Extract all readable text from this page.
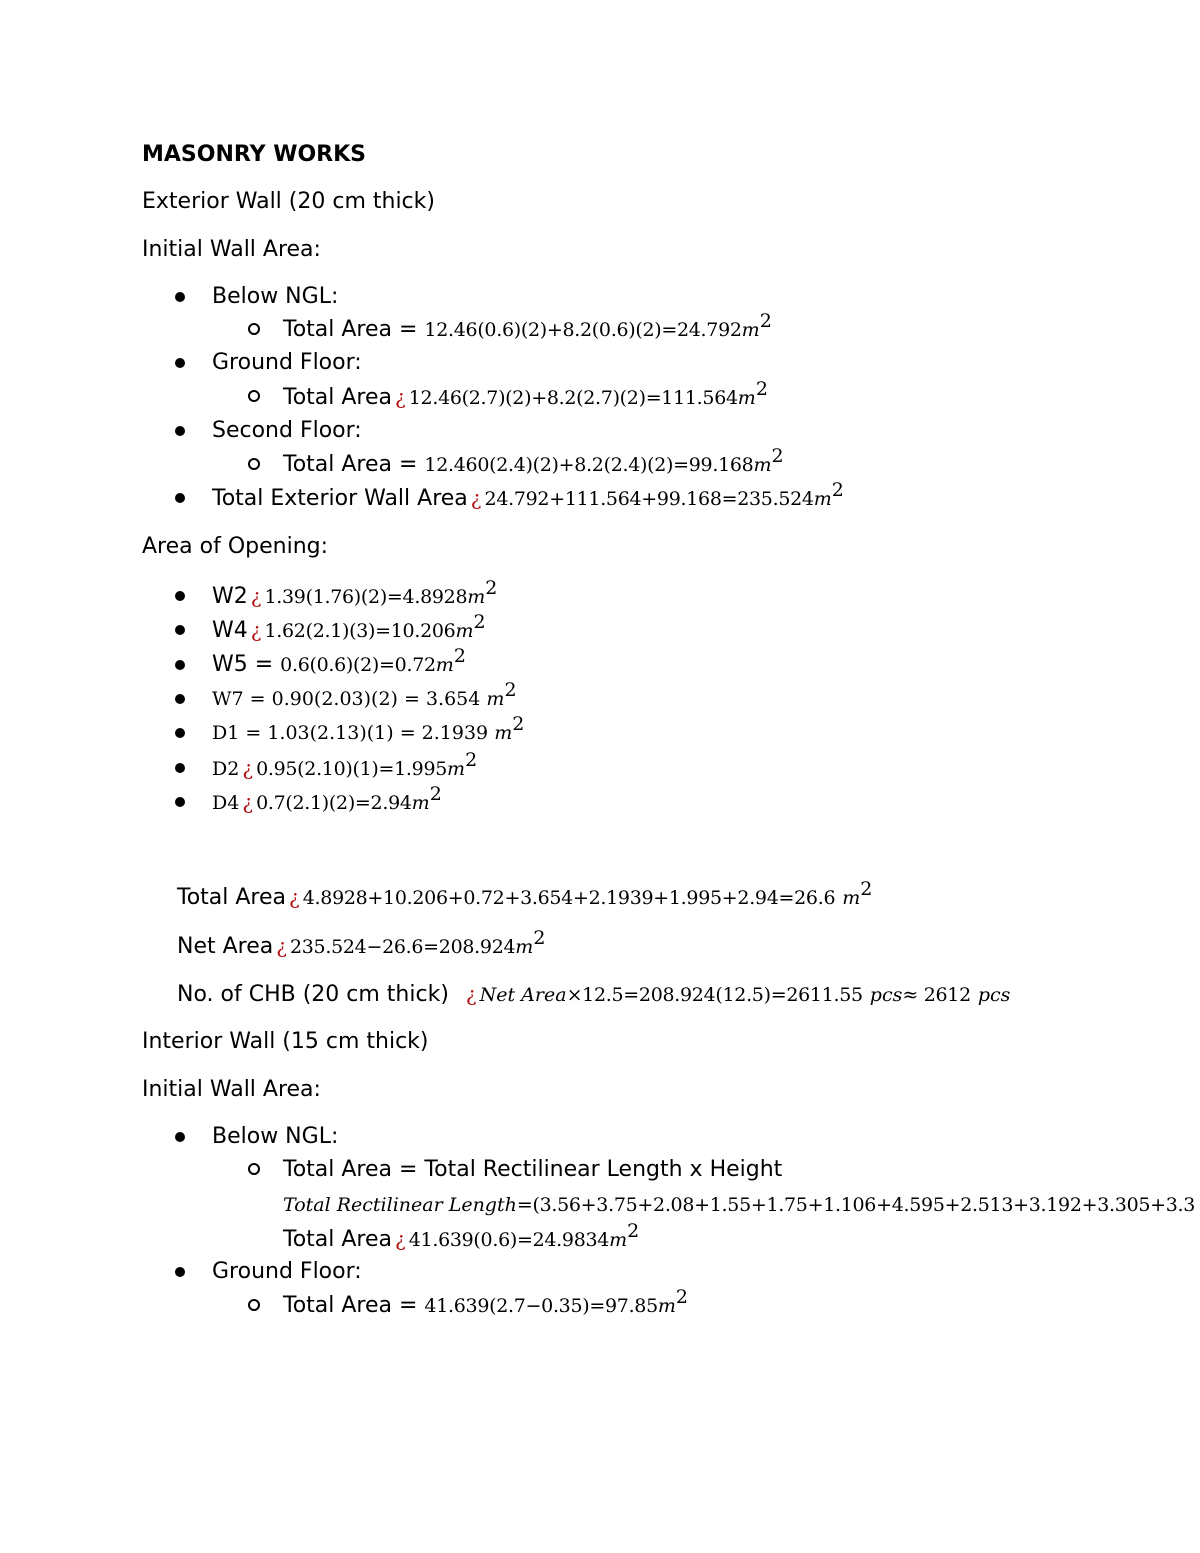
MASONRY WORKS
Exterior Wall (20 cm thick)
Initial Wall Area:
Below NGL:
Total Area = $12.46(0.6)(2)+8.2(0.6)(2)=24.792m^2$
Ground Floor:
Total Area ¿ $12.46(2.7)(2)+8.2(2.7)(2)=111.564m^2$
Second Floor:
Total Area = $12.460(2.4)(2)+8.2(2.4)(2)=99.168m^2$
Total Exterior Wall Area ¿ $24.792+111.564+99.168=235.524m^2$
Area of Opening:
W2 ¿ $1.39(1.76)(2)=4.8928m^2$
W4 ¿ $1.62(2.1)(3)=10.206m^2$
$W5 = 0.6(0.6)(2)=0.72m^2$
W7 = 0.90(2.03)(2) = 3.654 $m^2$
D1 = 1.03(2.13)(1) = 2.1939 $m^2$
D2 ¿ $0.95(2.10)(1)=1.995m^2$
D4 ¿ $0.7(2.1)(2)=2.94m^2$
Total Area ¿ 4.8928+10.206+0.72+3.654+2.1939+1.995+2.94=26.6 $m^2$
Net Area ¿ $235.524-26.6=208.924m^2$
No. of CHB (20 cm thick) ¿ Net Area×12.5=208.924(12.5)=2611.55 pcs≈ 2612 pcs
Interior Wall (15 cm thick)
Initial Wall Area:
Below NGL:
Total Area = Total Rectilinear Length x Height
Total Rectilinear Length=(3.56+3.75+2.08+1.55+1.75+1.106+4.595+2.513+3.192+3.305+3.3
Total Area ¿ $41.639(0.6)=24.9834m^2$
Ground Floor:
Total Area = $41.639(2.7-0.35)=97.85m^2$
